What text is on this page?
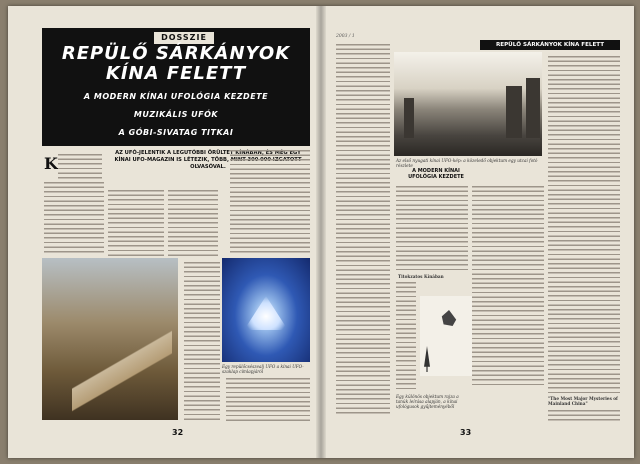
DOSSZIE
REPÜLŐ SÁRKÁNYOK
KÍNA FELETT
A MODERN KÍNAI UFOLÓGIA KEZDETE
MUZIKÁLIS UFÓK
A GÓBI-SIVATAG TITKAI
K
AZ UFÓ-JELENTIK A LEGUTÓBBI ÖRÜLTET KÍNÁBAN, ÉS MÉG EGY KÍNAI UFO-MAGAZIN IS LÉTEZIK, TÖBB, MINT 300 000 IZGATOTT OLVASÓVAL.
Egy repülőcsészealj UFO a kínai UFO-szaklap címlapjáról
32
2003 / 1
REPÜLŐ SÁRKÁNYOK KÍNA FELETT
Az első nyugati kínai UFO-kép: a közeledő objektum egy utcai fotó részlete
A MODERN KÍNAI
UFOLÓGIA KEZDETE
Titokzatos Kínában
Egy különös objektum rajza a tanúk leírása alapján, a kínai ufológusok gyűjteményéből
"The Most Major Mysteries of Mainland China"
33
